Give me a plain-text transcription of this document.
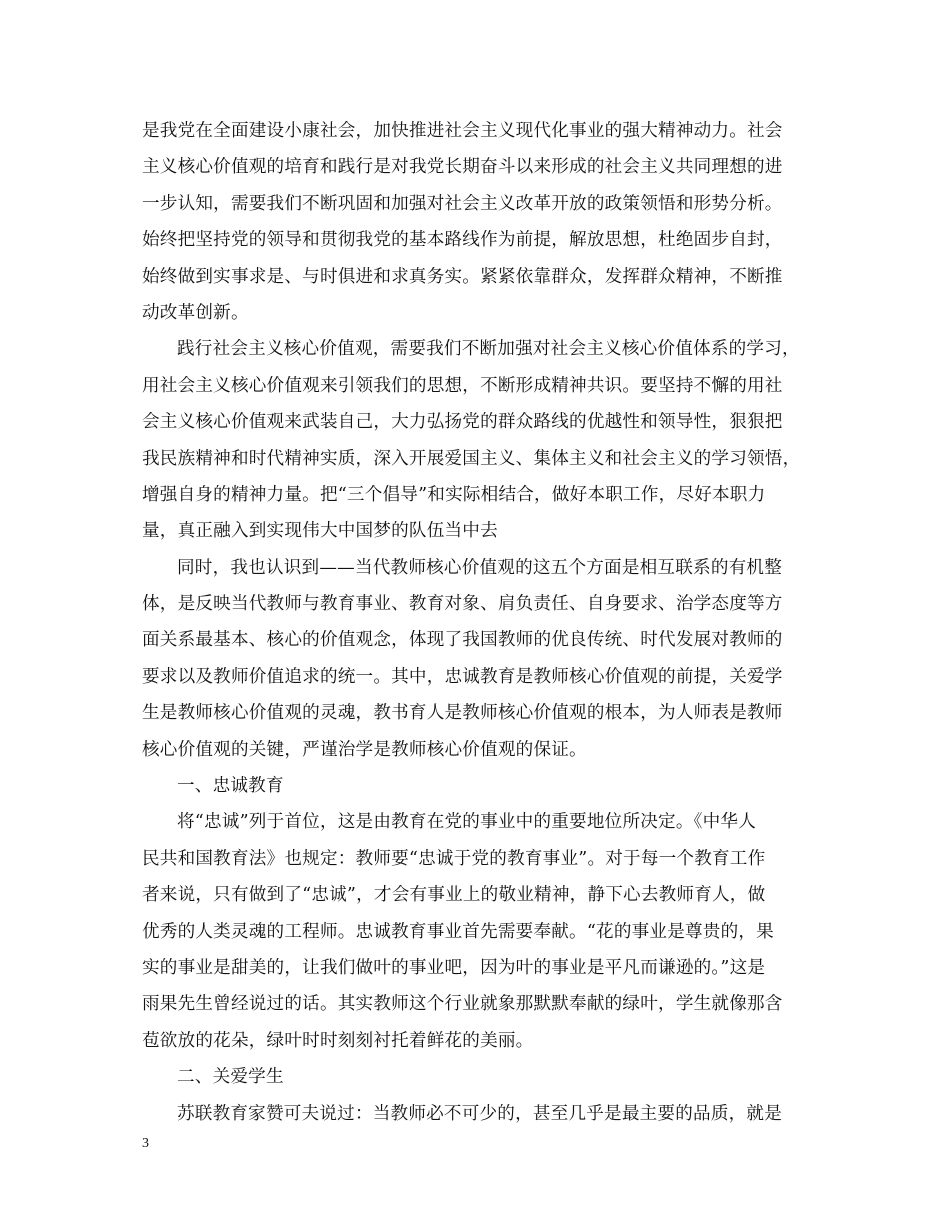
是我党在全面建设小康社会，加快推进社会主义现代化事业的强大精神动力。社会
主义核心价值观的培育和践行是对我党长期奋斗以来形成的社会主义共同理想的进
一步认知，需要我们不断巩固和加强对社会主义改革开放的政策领悟和形势分析。
始终把坚持党的领导和贯彻我党的基本路线作为前提，解放思想，杜绝固步自封，
始终做到实事求是、与时俱进和求真务实。紧紧依靠群众，发挥群众精神，不断推
动改革创新。
践行社会主义核心价值观，需要我们不断加强对社会主义核心价值体系的学习，
用社会主义核心价值观来引领我们的思想，不断形成精神共识。要坚持不懈的用社
会主义核心价值观来武装自己，大力弘扬党的群众路线的优越性和领导性，狠狠把
我民族精神和时代精神实质，深入开展爱国主义、集体主义和社会主义的学习领悟，
增强自身的精神力量。把“三个倡导”和实际相结合，做好本职工作，尽好本职力
量，真正融入到实现伟大中国梦的队伍当中去
同时，我也认识到——当代教师核心价值观的这五个方面是相互联系的有机整
体，是反映当代教师与教育事业、教育对象、肩负责任、自身要求、治学态度等方
面关系最基本、核心的价值观念，体现了我国教师的优良传统、时代发展对教师的
要求以及教师价值追求的统一。其中，忠诚教育是教师核心价值观的前提，关爱学
生是教师核心价值观的灵魂，教书育人是教师核心价值观的根本，为人师表是教师
核心价值观的关键，严谨治学是教师核心价值观的保证。
一、忠诚教育
将“忠诚”列于首位，这是由教育在党的事业中的重要地位所决定。《中华人
民共和国教育法》也规定：教师要“忠诚于党的教育事业”。对于每一个教育工作
者来说，只有做到了“忠诚”，才会有事业上的敬业精神，静下心去教师育人，做
优秀的人类灵魂的工程师。忠诚教育事业首先需要奉献。“花的事业是尊贵的，果
实的事业是甜美的，让我们做叶的事业吧，因为叶的事业是平凡而谦逊的。”这是
雨果先生曾经说过的话。其实教师这个行业就象那默默奉献的绿叶，学生就像那含
苞欲放的花朵，绿叶时时刻刻衬托着鲜花的美丽。
二、关爱学生
苏联教育家赞可夫说过：当教师必不可少的，甚至几乎是最主要的品质，就是
3
